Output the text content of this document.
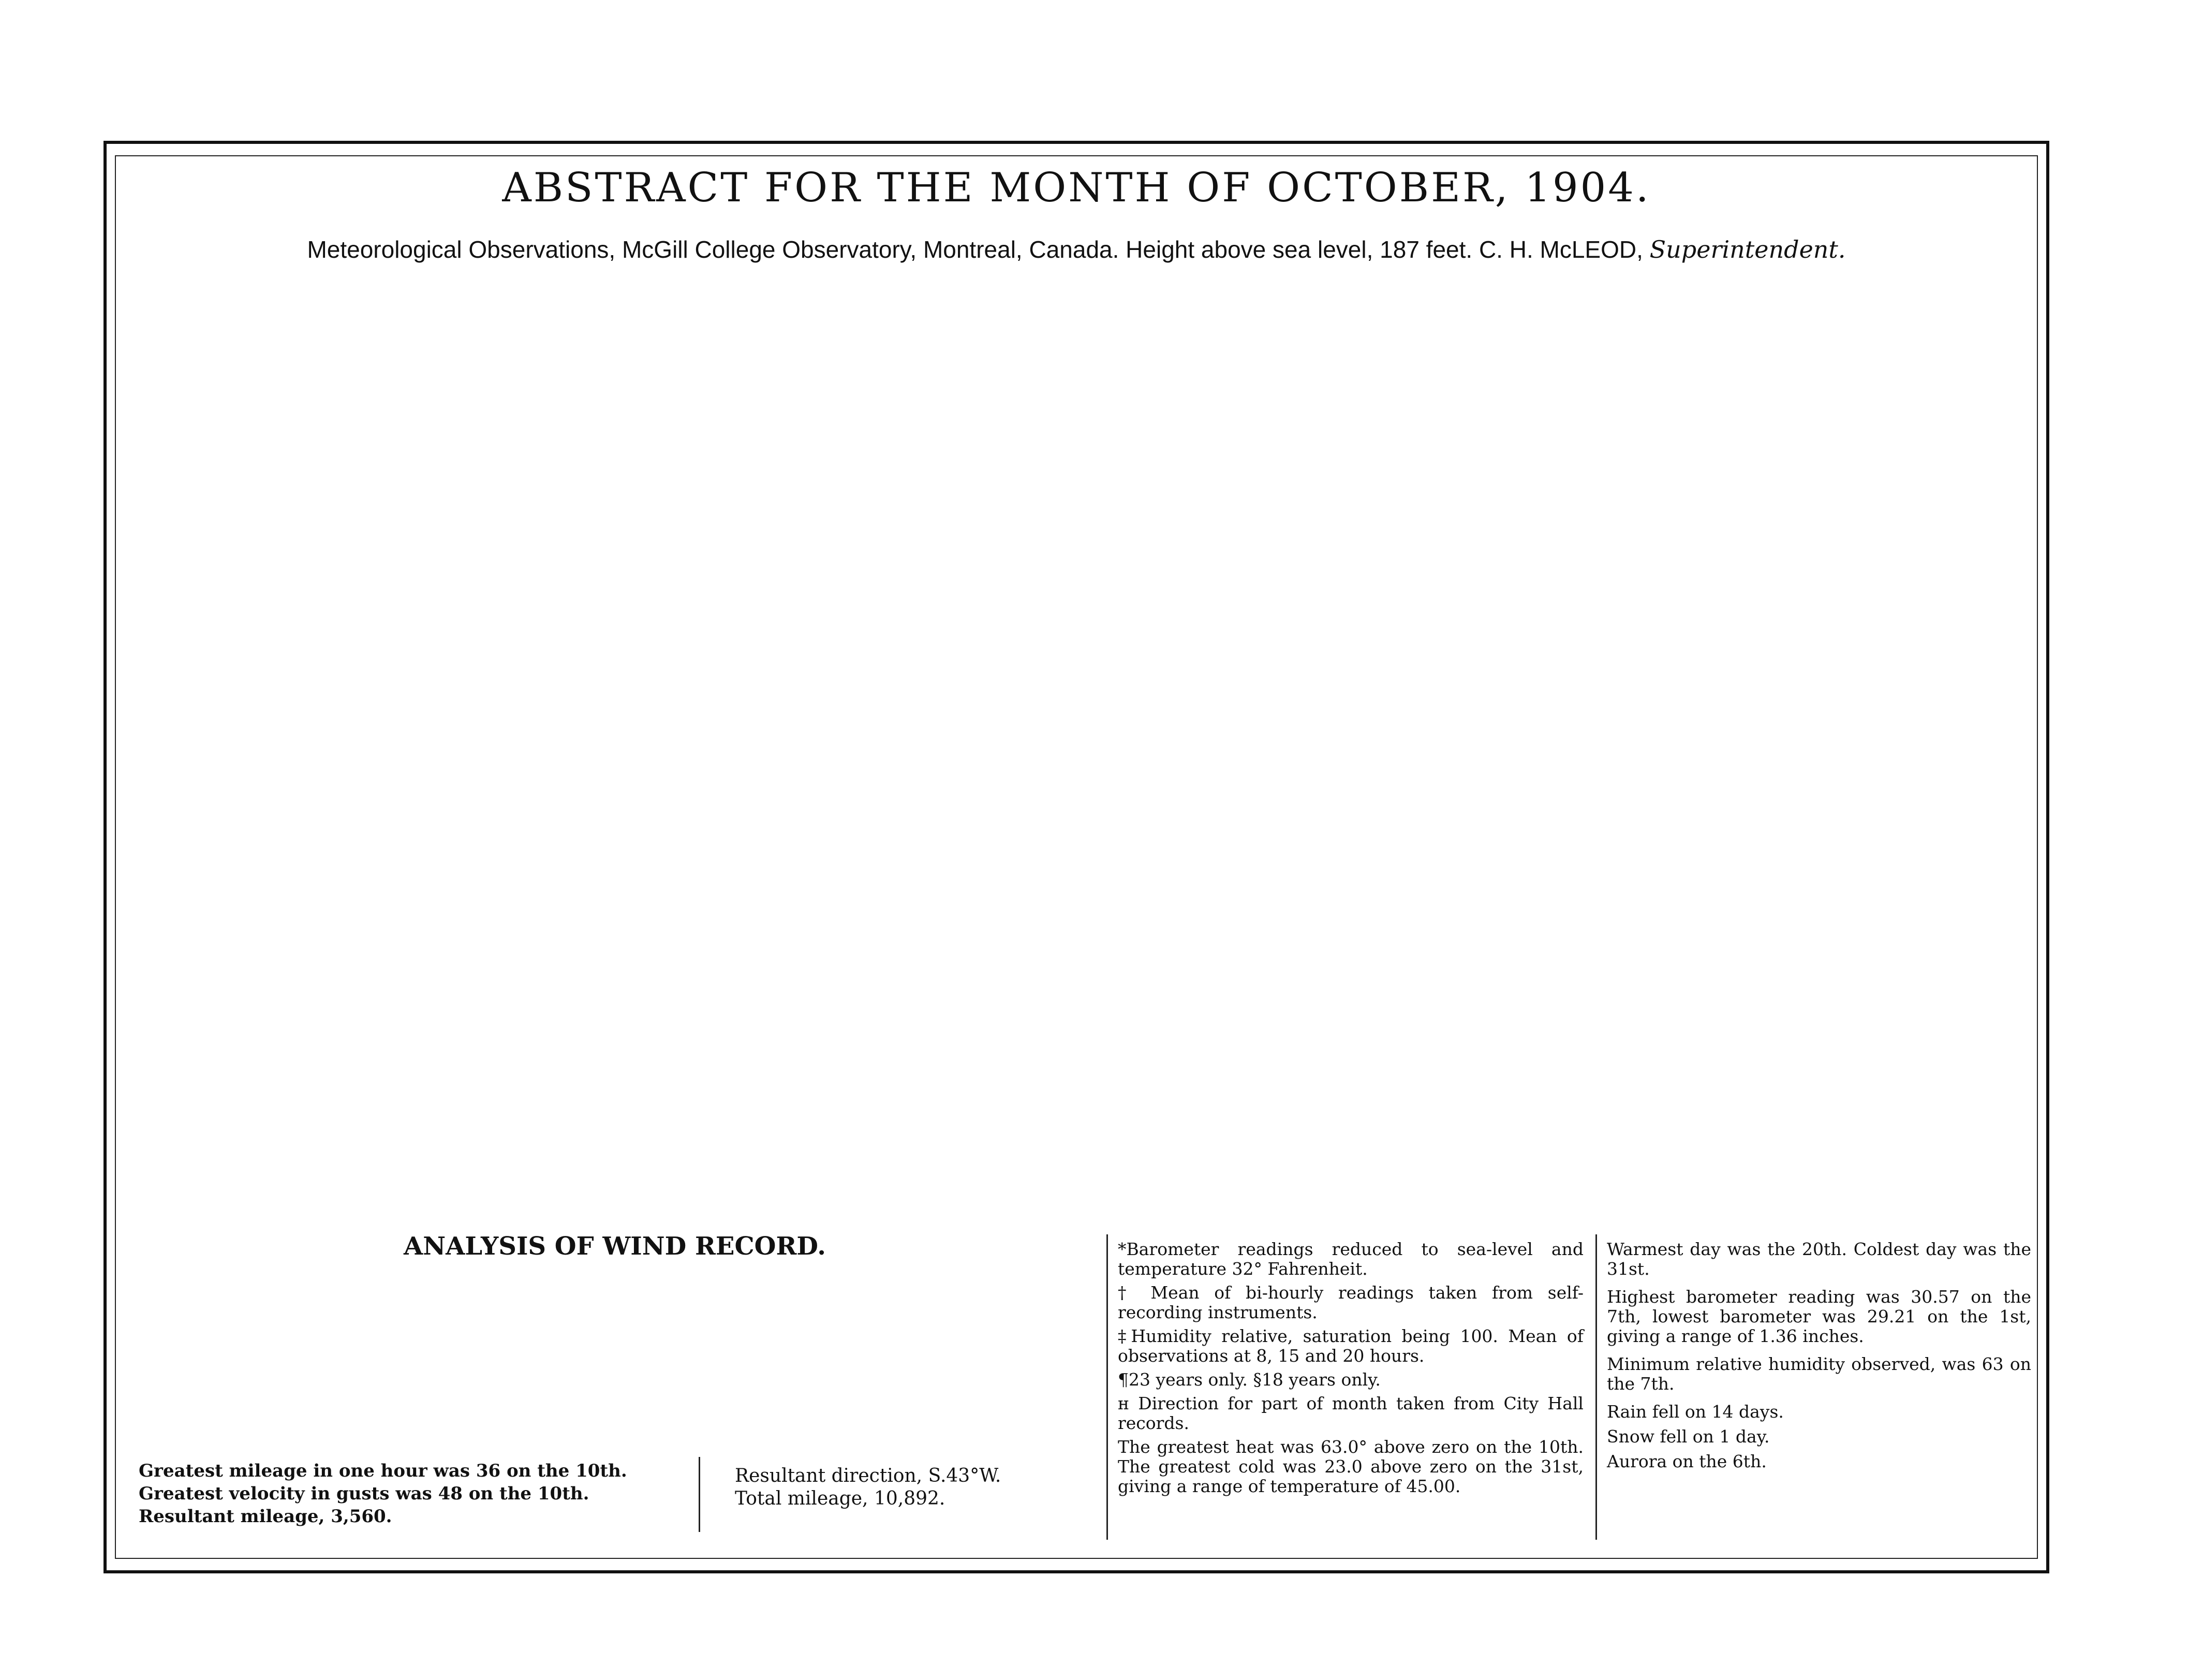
ABSTRACT FOR THE MONTH OF OCTOBER, 1904.
Meteorological Observations, McGill College Observatory, Montreal, Canada. Height above sea level, 187 feet. C. H. McLEOD, Superintendent.
ANALYSIS OF WIND RECORD.
Greatest mileage in one hour was 36 on the 10th.
Greatest velocity in gusts was 48 on the 10th.
Resultant mileage, 3,560.
Resultant direction, S.43°W.
Total mileage, 10,892.
*Barometer readings reduced to sea-level and temperature 32° Fahrenheit.
† Mean of bi-hourly readings taken from self-recording instruments.
‡Humidity relative, saturation being 100. Mean of observations at 8, 15 and 20 hours.
¶23 years only. §18 years only.
ʜ Direction for part of month taken from City Hall records.
The greatest heat was 63.0° above zero on the 10th. The greatest cold was 23.0 above zero on the 31st, giving a range of temperature of 45.00.
Warmest day was the 20th. Coldest day was the 31st.
Highest barometer reading was 30.57 on the 7th, lowest barometer was 29.21 on the 1st, giving a range of 1.36 inches.
Minimum relative humidity observed, was 63 on the 7th.
Rain fell on 14 days.
Snow fell on 1 day.
Aurora on the 6th.
